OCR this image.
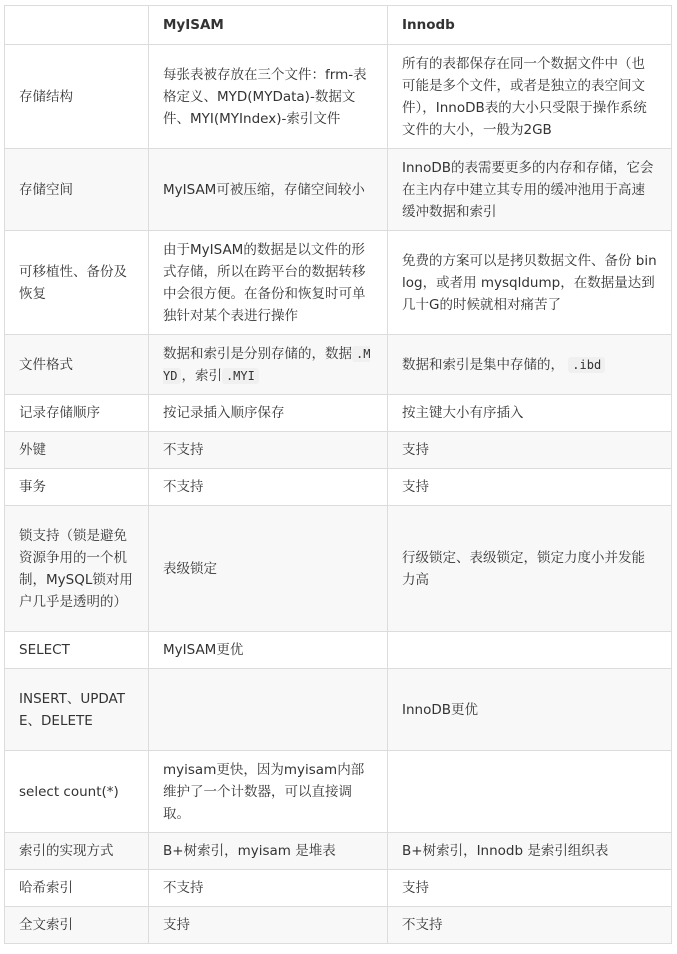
	MyISAM	Innodb
存储结构	每张表被存放在三个文件：frm-表格定义、MYD(MYData)-数据文件、MYI(MYIndex)-索引文件	所有的表都保存在同一个数据文件中（也可能是多个文件，或者是独立的表空间文件），InnoDB表的大小只受限于操作系统文件的大小，一般为2GB
存储空间	MyISAM可被压缩，存储空间较小	InnoDB的表需要更多的内存和存储，它会在主内存中建立其专用的缓冲池用于高速缓冲数据和索引
可移植性、备份及恢复	由于MyISAM的数据是以文件的形式存储，所以在跨平台的数据转移中会很方便。在备份和恢复时可单独针对某个表进行操作	免费的方案可以是拷贝数据文件、备份 binlog，或者用 mysqldump，在数据量达到几十G的时候就相对痛苦了
文件格式	数据和索引是分别存储的，数据 .MYD ，索引 .MYI	数据和索引是集中存储的， .ibd
记录存储顺序	按记录插入顺序保存	按主键大小有序插入
外键	不支持	支持
事务	不支持	支持
锁支持（锁是避免资源争用的一个机制，MySQL锁对用户几乎是透明的）	表级锁定	行级锁定、表级锁定，锁定力度小并发能力高
SELECT	MyISAM更优	
INSERT、UPDATE、DELETE		InnoDB更优
select count(*)	myisam更快，因为myisam内部维护了一个计数器，可以直接调取。	
索引的实现方式	B+树索引，myisam 是堆表	B+树索引，Innodb 是索引组织表
哈希索引	不支持	支持
全文索引	支持	不支持
